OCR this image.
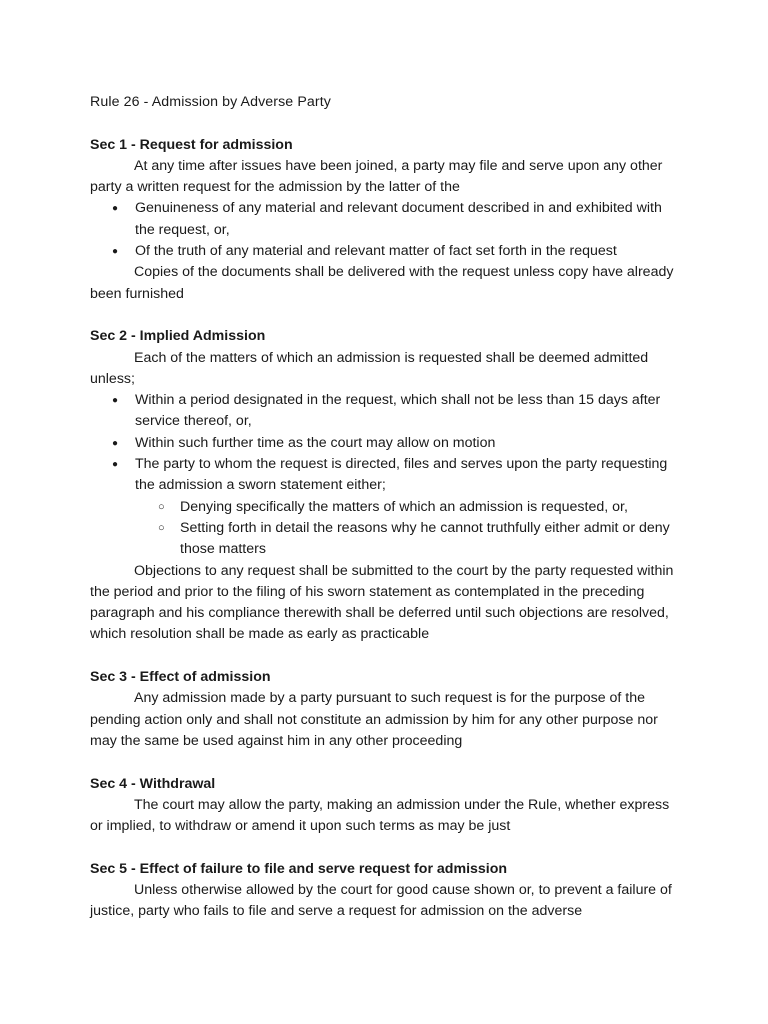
Rule 26 - Admission by Adverse Party

Sec 1 - Request for admission

At any time after issues have been joined, a party may file and serve upon any other party a written request for the admission by the latter of the

● Genuineness of any material and relevant document described in and exhibited with the request, or,
● Of the truth of any material and relevant matter of fact set forth in the request

Copies of the documents shall be delivered with the request unless copy have already been furnished

Sec 2 - Implied Admission

Each of the matters of which an admission is requested shall be deemed admitted unless;

● Within a period designated in the request, which shall not be less than 15 days after service thereof, or,
● Within such further time as the court may allow on motion
● The party to whom the request is directed, files and serves upon the party requesting the admission a sworn statement either;
○ Denying specifically the matters of which an admission is requested, or,
○ Setting forth in detail the reasons why he cannot truthfully either admit or deny those matters

Objections to any request shall be submitted to the court by the party requested within the period and prior to the filing of his sworn statement as contemplated in the preceding paragraph and his compliance therewith shall be deferred until such objections are resolved, which resolution shall be made as early as practicable

Sec 3 - Effect of admission

Any admission made by a party pursuant to such request is for the purpose of the pending action only and shall not constitute an admission by him for any other purpose nor may the same be used against him in any other proceeding

Sec 4 - Withdrawal

The court may allow the party, making an admission under the Rule, whether express or implied, to withdraw or amend it upon such terms as may be just

Sec 5 - Effect of failure to file and serve request for admission

Unless otherwise allowed by the court for good cause shown or, to prevent a failure of justice, party who fails to file and serve a request for admission on the adverse
